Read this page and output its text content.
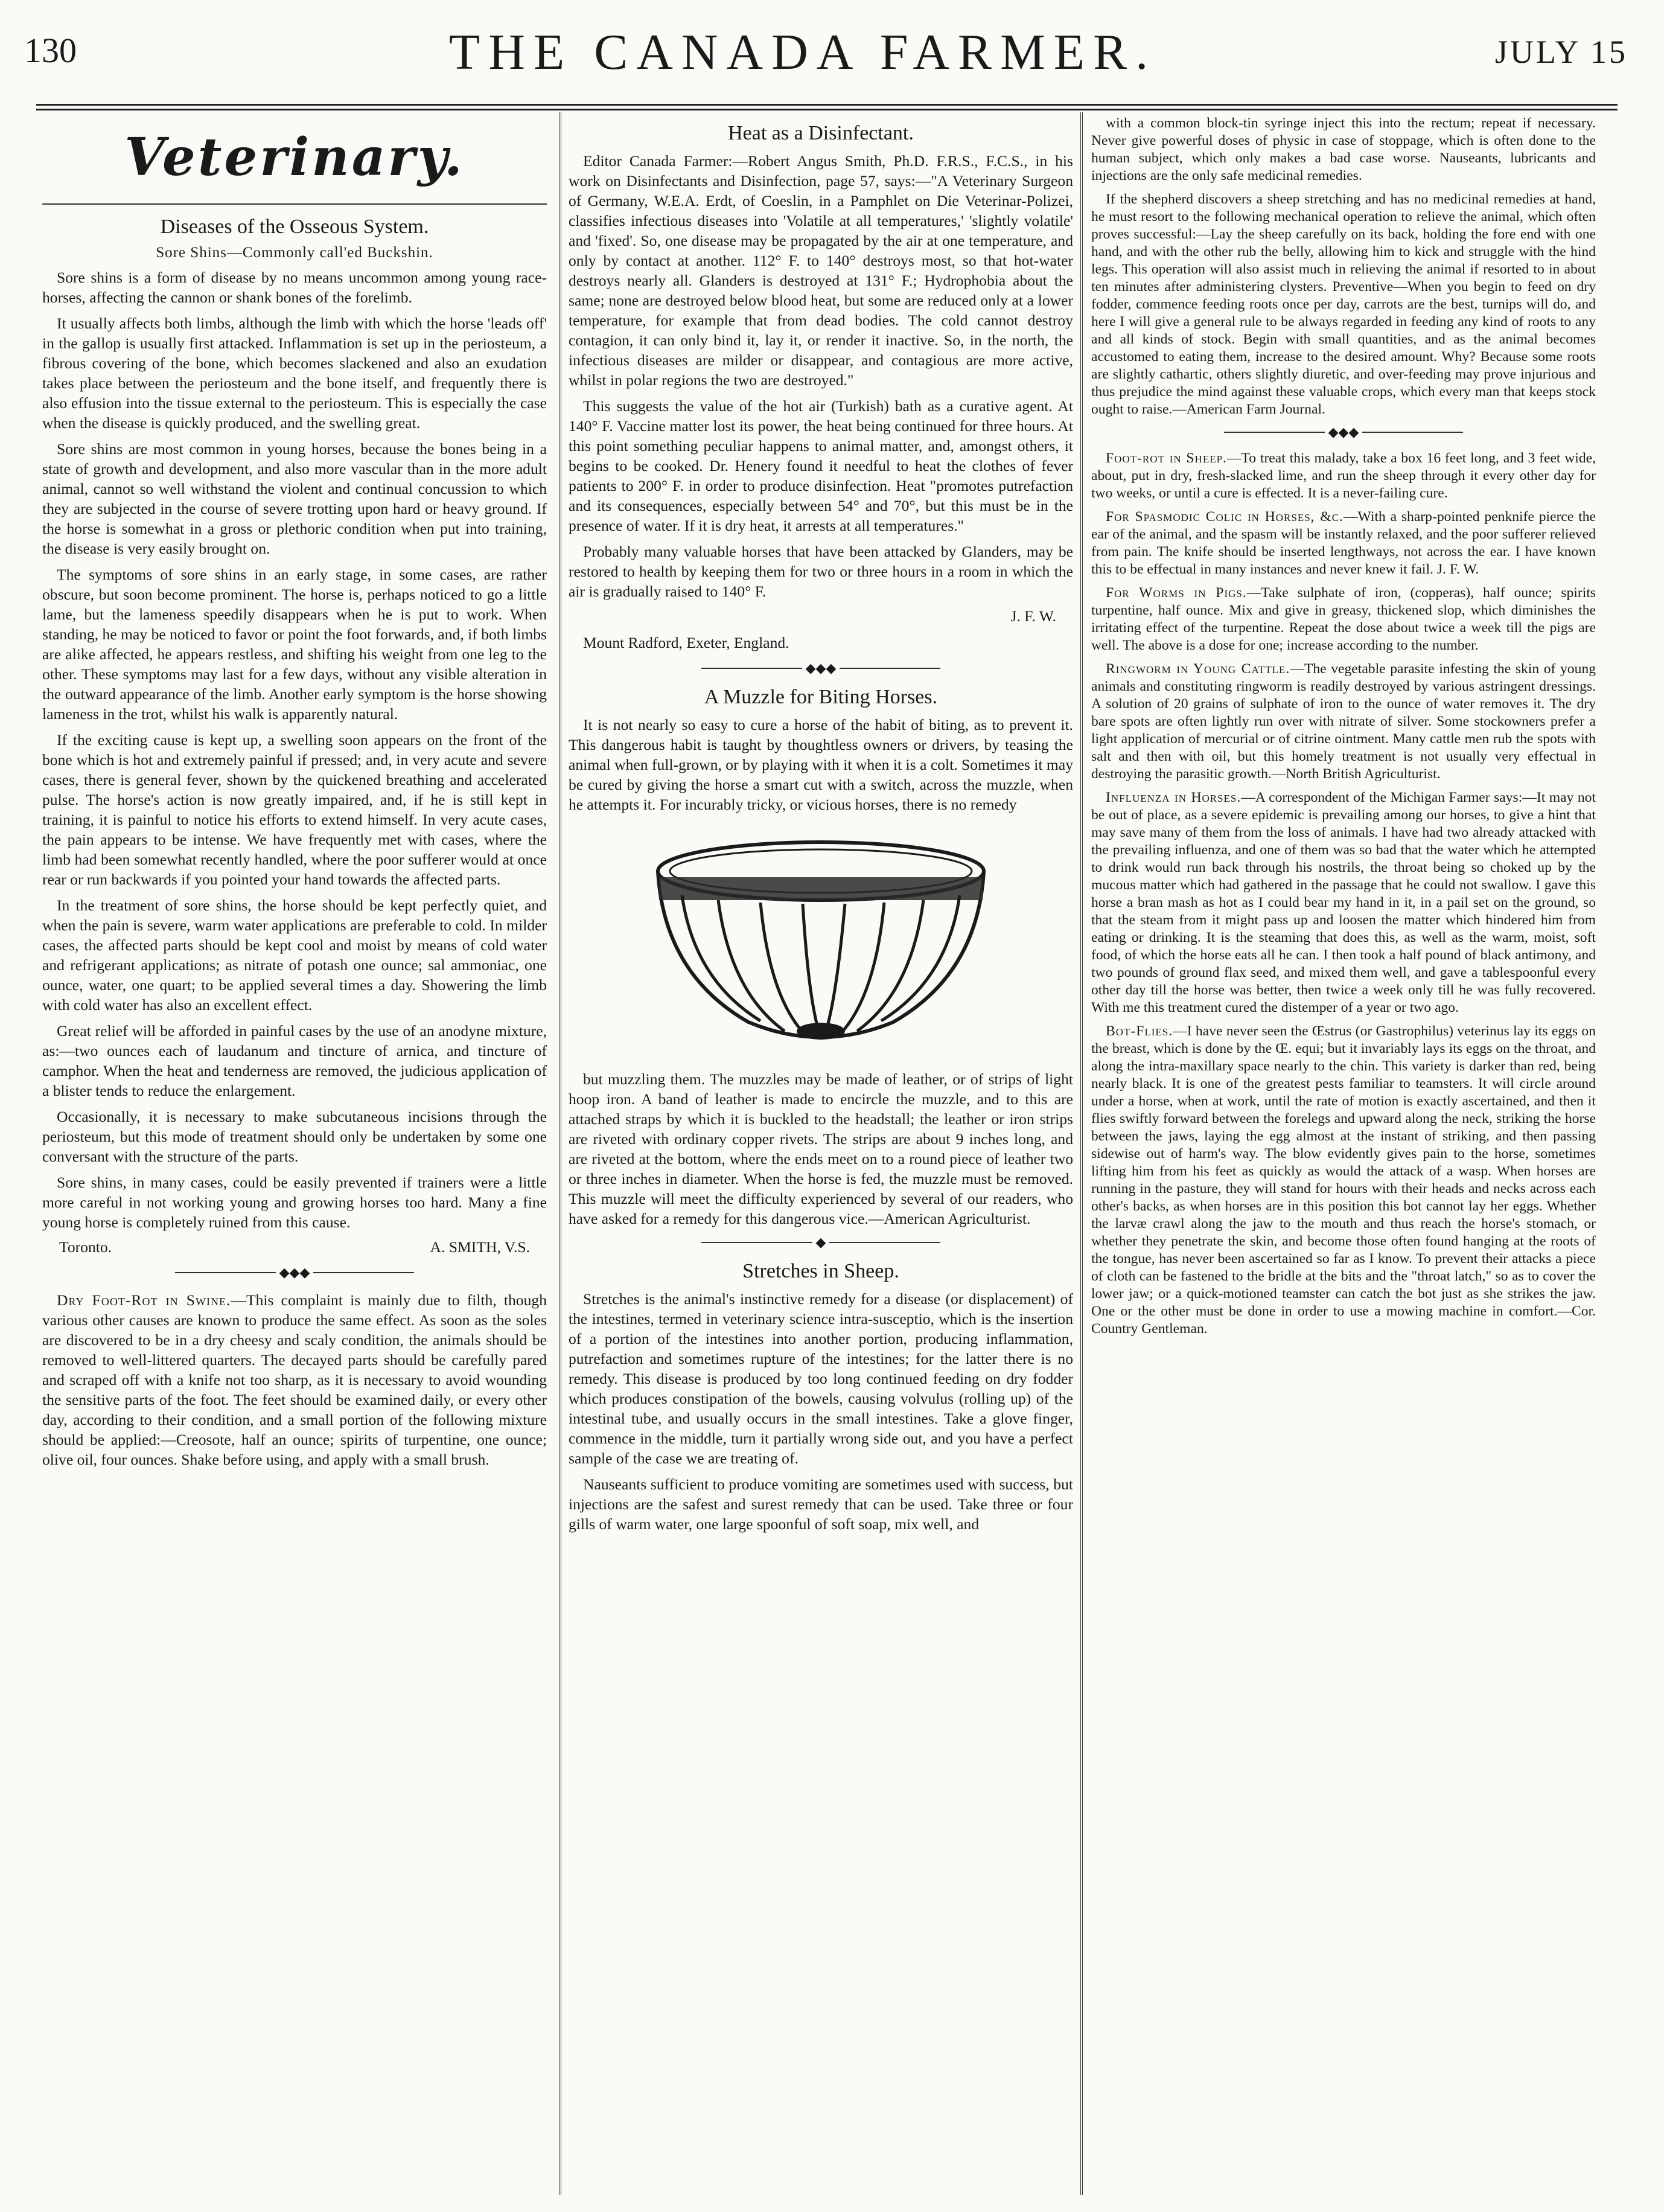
130	THE CANADA FARMER.	JULY 15
Veterinary.
Diseases of the Osseous System.
Sore Shins—Commonly call'ed Buckshin.

Sore shins is a form of disease by no means uncommon among young race-horses, affecting the cannon or shank bones of the forelimb.

It usually affects both limbs, although the limb with which the horse 'leads off' in the gallop is usually first attacked. Inflammation is set up in the periosteum, a fibrous covering of the bone, which becomes slackened and also an exudation takes place between the periosteum and the bone itself, and frequently there is also effusion into the tissue external to the periosteum. This is especially the case when the disease is quickly produced, and the swelling great.

Sore shins are most common in young horses, because the bones being in a state of growth and development, and also more vascular than in the more adult animal, cannot so well withstand the violent and continual concussion to which they are subjected in the course of severe trotting upon hard or heavy ground. If the horse is somewhat in a gross or plethoric condition when put into training, the disease is very easily brought on.

The symptoms of sore shins in an early stage, in some cases, are rather obscure, but soon become prominent. The horse is, perhaps noticed to go a little lame, but the lameness speedily disappears when he is put to work. When standing, he may be noticed to favor or point the foot forwards, and, if both limbs are alike affected, he appears restless, and shifting his weight from one leg to the other. These symptoms may last for a few days, without any visible alteration in the outward appearance of the limb. Another early symptom is the horse showing lameness in the trot, whilst his walk is apparently natural.

If the exciting cause is kept up, a swelling soon appears on the front of the bone which is hot and extremely painful if pressed; and, in very acute and severe cases, there is general fever, shown by the quickened breathing and accelerated pulse. The horse's action is now greatly impaired, and, if he is still kept in training, it is painful to notice his efforts to extend himself. In very acute cases, the pain appears to be intense. We have frequently met with cases, where the limb had been somewhat recently handled, where the poor sufferer would at once rear or run backwards if you pointed your hand towards the affected parts.

In the treatment of sore shins, the horse should be kept perfectly quiet, and when the pain is severe, warm water applications are preferable to cold. In milder cases, the affected parts should be kept cool and moist by means of cold water and refrigerant applications; as nitrate of potash one ounce; sal ammoniac, one ounce, water, one quart; to be applied several times a day. Showering the limb with cold water has also an excellent effect.

Great relief will be afforded in painful cases by the use of an anodyne mixture, as:—two ounces each of laudanum and tincture of arnica, and tincture of camphor. When the heat and tenderness are removed, the judicious application of a blister tends to reduce the enlargement.

Occasionally, it is necessary to make subcutaneous incisions through the periosteum, but this mode of treatment should only be undertaken by some one conversant with the structure of the parts.

Sore shins, in many cases, could be easily prevented if trainers were a little more careful in not working young and growing horses too hard. Many a fine young horse is completely ruined from this cause.

Toronto.	A. SMITH, V.S.
◆◆◆

Dry Foot-Rot in Swine.—This complaint is mainly due to filth, though various other causes are known to produce the same effect. As soon as the soles are discovered to be in a dry cheesy and scaly condition, the animals should be removed to well-littered quarters. The decayed parts should be carefully pared and scraped off with a knife not too sharp, as it is necessary to avoid wounding the sensitive parts of the foot. The feet should be examined daily, or every other day, according to their condition, and a small portion of the following mixture should be applied:—Creosote, half an ounce; spirits of turpentine, one ounce; olive oil, four ounces. Shake before using, and apply with a small brush.

Heat as a Disinfectant.

Editor Canada Farmer:—Robert Angus Smith, Ph.D. F.R.S., F.C.S., in his work on Disinfectants and Disinfection, page 57, says:—"A Veterinary Surgeon of Germany, W.E.A. Erdt, of Coeslin, in a Pamphlet on Die Veterinar-Polizei, classifies infectious diseases into 'Volatile at all temperatures,' 'slightly volatile' and 'fixed'. So, one disease may be propagated by the air at one temperature, and only by contact at another. 112° F. to 140° destroys most, so that hot-water destroys nearly all. Glanders is destroyed at 131° F.; Hydrophobia about the same; none are destroyed below blood heat, but some are reduced only at a lower temperature, for example that from dead bodies. The cold cannot destroy contagion, it can only bind it, lay it, or render it inactive. So, in the north, the infectious diseases are milder or disappear, and contagious are more active, whilst in polar regions the two are destroyed."

This suggests the value of the hot air (Turkish) bath as a curative agent. At 140° F. Vaccine matter lost its power, the heat being continued for three hours. At this point something peculiar happens to animal matter, and, amongst others, it begins to be cooked. Dr. Henery found it needful to heat the clothes of fever patients to 200° F. in order to produce disinfection. Heat "promotes putrefaction and its consequences, especially between 54° and 70°, but this must be in the presence of water. If it is dry heat, it arrests at all temperatures."

Probably many valuable horses that have been attacked by Glanders, may be restored to health by keeping them for two or three hours in a room in which the air is gradually raised to 140° F.

J. F. W.
Mount Radford, Exeter, England.
◆◆◆
A Muzzle for Biting Horses.

It is not nearly so easy to cure a horse of the habit of biting, as to prevent it. This dangerous habit is taught by thoughtless owners or drivers, by teasing the animal when full-grown, or by playing with it when it is a colt. Sometimes it may be cured by giving the horse a smart cut with a switch, across the muzzle, when he attempts it. For incurably tricky, or vicious horses, there is no remedy

but muzzling them. The muzzles may be made of leather, or of strips of light hoop iron. A band of leather is made to encircle the muzzle, and to this are attached straps by which it is buckled to the headstall; the leather or iron strips are riveted with ordinary copper rivets. The strips are about 9 inches long, and are riveted at the bottom, where the ends meet on to a round piece of leather two or three inches in diameter. When the horse is fed, the muzzle must be removed. This muzzle will meet the difficulty experienced by several of our readers, who have asked for a remedy for this dangerous vice.—American Agriculturist.

◆
Stretches in Sheep.

Stretches is the animal's instinctive remedy for a disease (or displacement) of the intestines, termed in veterinary science intra-susceptio, which is the insertion of a portion of the intestines into another portion, producing inflammation, putrefaction and sometimes rupture of the intestines; for the latter there is no remedy. This disease is produced by too long continued feeding on dry fodder which produces constipation of the bowels, causing volvulus (rolling up) of the intestinal tube, and usually occurs in the small intestines. Take a glove finger, commence in the middle, turn it partially wrong side out, and you have a perfect sample of the case we are treating of.

Nauseants sufficient to produce vomiting are sometimes used with success, but injections are the safest and surest remedy that can be used. Take three or four gills of warm water, one large spoonful of soft soap, mix well, and

with a common block-tin syringe inject this into the rectum; repeat if necessary. Never give powerful doses of physic in case of stoppage, which is often done to the human subject, which only makes a bad case worse. Nauseants, lubricants and injections are the only safe medicinal remedies.

If the shepherd discovers a sheep stretching and has no medicinal remedies at hand, he must resort to the following mechanical operation to relieve the animal, which often proves successful:—Lay the sheep carefully on its back, holding the fore end with one hand, and with the other rub the belly, allowing him to kick and struggle with the hind legs. This operation will also assist much in relieving the animal if resorted to in about ten minutes after administering clysters. Preventive—When you begin to feed on dry fodder, commence feeding roots once per day, carrots are the best, turnips will do, and here I will give a general rule to be always regarded in feeding any kind of roots to any and all kinds of stock. Begin with small quantities, and as the animal becomes accustomed to eating them, increase to the desired amount. Why? Because some roots are slightly cathartic, others slightly diuretic, and over-feeding may prove injurious and thus prejudice the mind against these valuable crops, which every man that keeps stock ought to raise.—American Farm Journal.

◆◆◆

Foot-rot in Sheep.—To treat this malady, take a box 16 feet long, and 3 feet wide, about, put in dry, fresh-slacked lime, and run the sheep through it every other day for two weeks, or until a cure is effected. It is a never-failing cure.

For Spasmodic Colic in Horses, &c.—With a sharp-pointed penknife pierce the ear of the animal, and the spasm will be instantly relaxed, and the poor sufferer relieved from pain. The knife should be inserted lengthways, not across the ear. I have known this to be effectual in many instances and never knew it fail. J. F. W.

For Worms in Pigs.—Take sulphate of iron, (copperas), half ounce; spirits turpentine, half ounce. Mix and give in greasy, thickened slop, which diminishes the irritating effect of the turpentine. Repeat the dose about twice a week till the pigs are well. The above is a dose for one; increase according to the number.

Ringworm in Young Cattle.—The vegetable parasite infesting the skin of young animals and constituting ringworm is readily destroyed by various astringent dressings. A solution of 20 grains of sulphate of iron to the ounce of water removes it. The dry bare spots are often lightly run over with nitrate of silver. Some stockowners prefer a light application of mercurial or of citrine ointment. Many cattle men rub the spots with salt and then with oil, but this homely treatment is not usually very effectual in destroying the parasitic growth.—North British Agriculturist.

Influenza in Horses.—A correspondent of the Michigan Farmer says:—It may not be out of place, as a severe epidemic is prevailing among our horses, to give a hint that may save many of them from the loss of animals. I have had two already attacked with the prevailing influenza, and one of them was so bad that the water which he attempted to drink would run back through his nostrils, the throat being so choked up by the mucous matter which had gathered in the passage that he could not swallow. I gave this horse a bran mash as hot as I could bear my hand in it, in a pail set on the ground, so that the steam from it might pass up and loosen the matter which hindered him from eating or drinking. It is the steaming that does this, as well as the warm, moist, soft food, of which the horse eats all he can. I then took a half pound of black antimony, and two pounds of ground flax seed, and mixed them well, and gave a tablespoonful every other day till the horse was better, then twice a week only till he was fully recovered. With me this treatment cured the distemper of a year or two ago.

Bot-Flies.—I have never seen the Œstrus (or Gastrophilus) veterinus lay its eggs on the breast, which is done by the Œ. equi; but it invariably lays its eggs on the throat, and along the intra-maxillary space nearly to the chin. This variety is darker than red, being nearly black. It is one of the greatest pests familiar to teamsters. It will circle around under a horse, when at work, until the rate of motion is exactly ascertained, and then it flies swiftly forward between the forelegs and upward along the neck, striking the horse between the jaws, laying the egg almost at the instant of striking, and then passing sidewise out of harm's way. The blow evidently gives pain to the horse, sometimes lifting him from his feet as quickly as would the attack of a wasp. When horses are running in the pasture, they will stand for hours with their heads and necks across each other's backs, as when horses are in this position this bot cannot lay her eggs. Whether the larvæ crawl along the jaw to the mouth and thus reach the horse's stomach, or whether they penetrate the skin, and become those often found hanging at the roots of the tongue, has never been ascertained so far as I know. To prevent their attacks a piece of cloth can be fastened to the bridle at the bits and the "throat latch," so as to cover the lower jaw; or a quick-motioned teamster can catch the bot just as she strikes the jaw. One or the other must be done in order to use a mowing machine in comfort.—Cor. Country Gentleman.
